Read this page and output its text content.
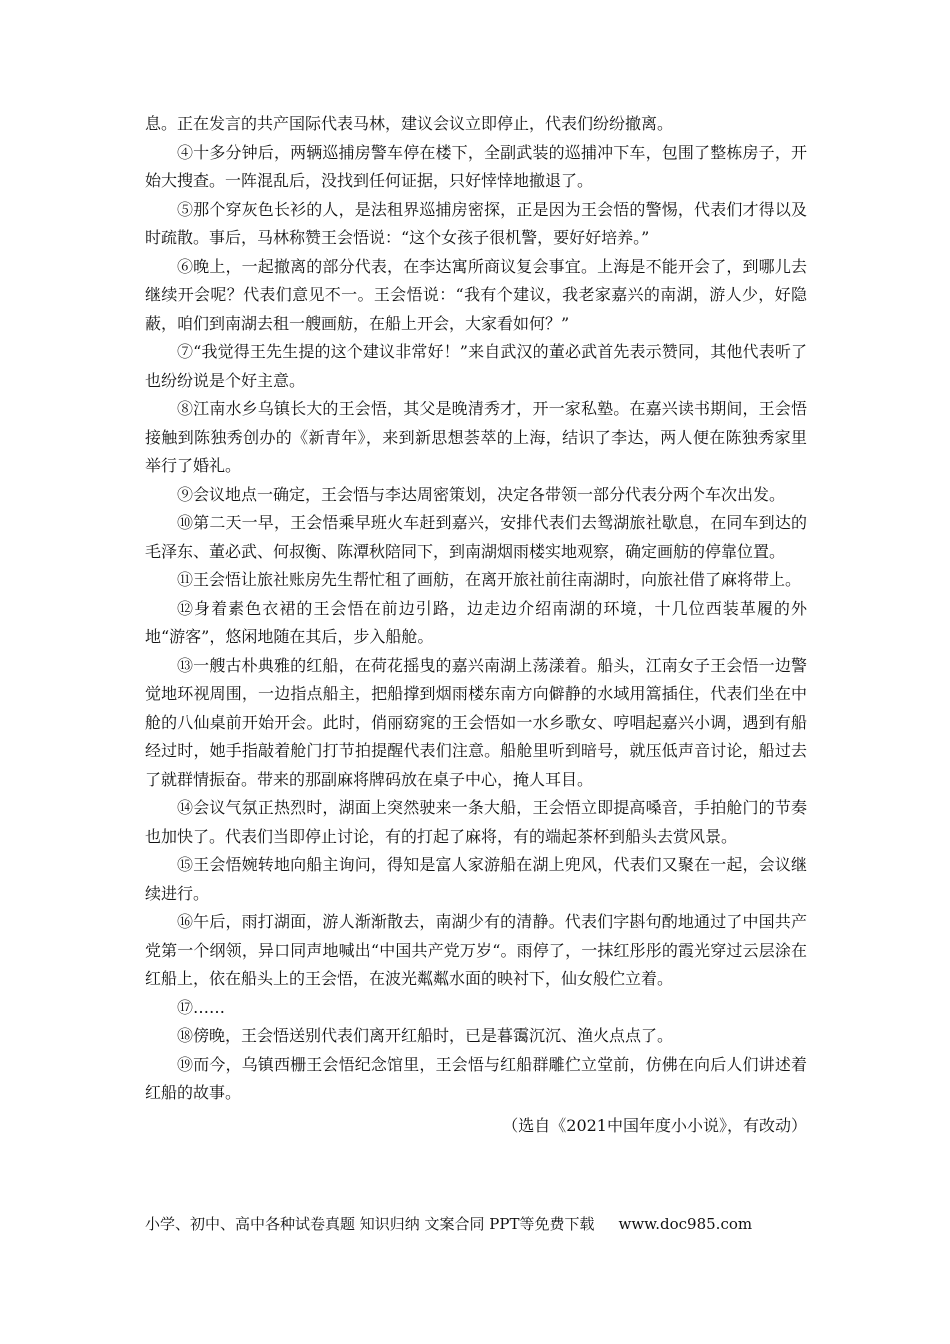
息。正在发言的共产国际代表马林，建议会议立即停止，代表们纷纷撤离。

④十多分钟后，两辆巡捕房警车停在楼下，全副武装的巡捕冲下车，包围了整栋房子，开始大搜查。一阵混乱后，没找到任何证据，只好悻悻地撤退了。

⑤那个穿灰色长衫的人，是法租界巡捕房密探，正是因为王会悟的警惕，代表们才得以及时疏散。事后，马林称赞王会悟说：“这个女孩子很机警，要好好培养。”

⑥晚上，一起撤离的部分代表，在李达寓所商议复会事宜。上海是不能开会了，到哪儿去继续开会呢？代表们意见不一。王会悟说：“我有个建议，我老家嘉兴的南湖，游人少，好隐蔽，咱们到南湖去租一艘画舫，在船上开会，大家看如何？”

⑦“我觉得王先生提的这个建议非常好！”来自武汉的董必武首先表示赞同，其他代表听了也纷纷说是个好主意。

⑧江南水乡乌镇长大的王会悟，其父是晚清秀才，开一家私塾。在嘉兴读书期间，王会悟接触到陈独秀创办的《新青年》，来到新思想荟萃的上海，结识了李达，两人便在陈独秀家里举行了婚礼。

⑨会议地点一确定，王会悟与李达周密策划，决定各带领一部分代表分两个车次出发。

⑩第二天一早，王会悟乘早班火车赶到嘉兴，安排代表们去鸳湖旅社歇息，在同车到达的毛泽东、董必武、何叔衡、陈潭秋陪同下，到南湖烟雨楼实地观察，确定画舫的停靠位置。

⑪王会悟让旅社账房先生帮忙租了画舫，在离开旅社前往南湖时，向旅社借了麻将带上。

⑫身着素色衣裙的王会悟在前边引路，边走边介绍南湖的环境，十几位西装革履的外地“游客”，悠闲地随在其后，步入船舱。

⑬一艘古朴典雅的红船，在荷花摇曳的嘉兴南湖上荡漾着。船头，江南女子王会悟一边警觉地环视周围，一边指点船主，把船撑到烟雨楼东南方向僻静的水域用篙插住，代表们坐在中舱的八仙桌前开始开会。此时，俏丽窈窕的王会悟如一水乡歌女、哼唱起嘉兴小调，遇到有船经过时，她手指敲着舱门打节拍提醒代表们注意。船舱里听到暗号，就压低声音讨论，船过去了就群情振奋。带来的那副麻将牌码放在桌子中心，掩人耳目。

⑭会议气氛正热烈时，湖面上突然驶来一条大船，王会悟立即提高嗓音，手拍舱门的节奏也加快了。代表们当即停止讨论，有的打起了麻将，有的端起茶杯到船头去赏风景。

⑮王会悟婉转地向船主询问，得知是富人家游船在湖上兜风，代表们又聚在一起，会议继续进行。

⑯午后，雨打湖面，游人渐渐散去，南湖少有的清静。代表们字斟句酌地通过了中国共产党第一个纲领，异口同声地喊出“中国共产党万岁“。雨停了，一抹红彤彤的霞光穿过云层涂在红船上，依在船头上的王会悟，在波光粼粼水面的映衬下，仙女般伫立着。

⑰……

⑱傍晚，王会悟送别代表们离开红船时，已是暮霭沉沉、渔火点点了。

⑲而今，乌镇西栅王会悟纪念馆里，王会悟与红船群雕伫立堂前，仿佛在向后人们讲述着红船的故事。

（选自《2021中国年度小小说》，有改动）

小学、初中、高中各种试卷真题 知识归纳 文案合同 PPT等免费下载 www.doc985.com
